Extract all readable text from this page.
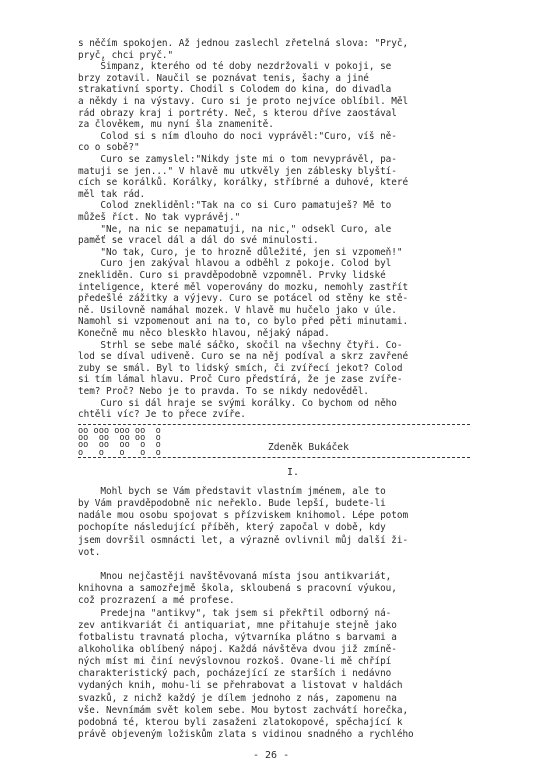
s něčím spokojen. Až jednou zaslechl zřetelná slova: "Pryč,
pryč, chci pryč."
Šimpanz, kterého od té doby nezdržovali v pokoji, se
brzy zotavil. Naučil se poznávat tenis, šachy a jiné
strakativní sporty. Chodil s Colodem do kina, do divadla
a někdy i na výstavy. Curo si je proto nejvíce oblíbil. Měl
rád obrazy kraj i portréty. Neč, s kterou dříve zaostával
za člověkem, mu nyní šla znamenitě.
Colod si s ním dlouho do noci vyprávěl:"Curo, víš ně-
co o sobě?"
Curo se zamyslel:"Nikdy jste mi o tom nevyprávěl, pa-
matuji se jen..." V hlavě mu utkvěly jen záblesky blyští-
cích se korálků. Korálky, korálky, stříbrné a duhové, které
měl tak rád.
Colod znekliděnl:"Tak na co si Curo pamatuješ? Mě to
můžeš říct. No tak vyprávěj."
"Ne, na nic se nepamatuji, na nic," odsekl Curo, ale
paměť se vracel dál a dál do své minulosti.
"No tak, Curo, je to hrozně důležité, jen si vzpomeň!"
Curo jen zakýval hlavou a odběhl z pokoje. Colod byl
znekliděn. Curo si pravděpodobně vzpomněl. Prvky lidské
inteligence, které měl voperovány do mozku, nemohly zastřít
předešlé zážitky a výjevy. Curo se potácel od stěny ke stě-
ně. Usilovně namáhal mozek. V hlavě mu hučelo jako v úle.
Namohl si vzpomenout ani na to, co bylo před pěti minutami.
Konečně mu něco bleskło hlavou, nějaký nápad.
Strhl se sebe malé sáčko, skočil na všechny čtyři. Co-
lod se díval udiveně. Curo se na něj podíval a skrz zavřené
zuby se smál. Byl to lidský smích, či zvířecí jekot? Colod
si tím lámal hlavu. Proč Curo předstírá, že je zase zvíře-
tem? Proč? Nebo je to pravda. To se nikdy nedověděl.
Curo si dál hraje se svými korálky. Co bychom od něho
chtěli víc? Je to přece zvíře.
oo ooo ooo oo  o
oo  oo  oo oo  o
oo  oo  oo  o  o
o   o   o   o  o	Zdeněk Bukáček
I.
Mohl bych se Vám představit vlastním jménem, ale to
by Vám pravděpodobně nic neřeklo. Bude lepší, budete-li
nadále mou osobu spojovat s přízviskem knihomol. Lépe potom
pochopíte následující příběh, který započal v době, kdy
jsem dovršil osmnácti let, a výrazně ovlivnil můj další ži-
vot.
Mnou nejčastěji navštěvovaná místa jsou antikvariát,
knihovna a samozřejmě škola, skloubená s pracovní výukou,
což prozrazení a mé profese.
Predejna "antikvy", tak jsem si překřtil odborný ná-
zev antikvariát či antiquariat, mne přitahuje stejně jako
fotbalistu travnatá plocha, výtvarníka plátno s barvami a
alkoholika oblíbený nápoj. Každá návštěva dvou již zmíně-
ných míst mi činí nevýslovnou rozkoš. Ovane-li mě chřípí
charakteristický pach, pocházející ze starších i nedávno
vydaných knih, mohu-li se přehrabovat a listovat v haldách
svazků, z nichž každý je dílem jednoho z nás, zapomenu na
vše. Nevnímám svět kolem sebe. Mou bytost zachvátí horečka,
podobná té, kterou byli zasaženi zlatokopové, spěchající k
právě objeveným ložiskům zlata s vidinou snadného a rychlého
- 26 -
